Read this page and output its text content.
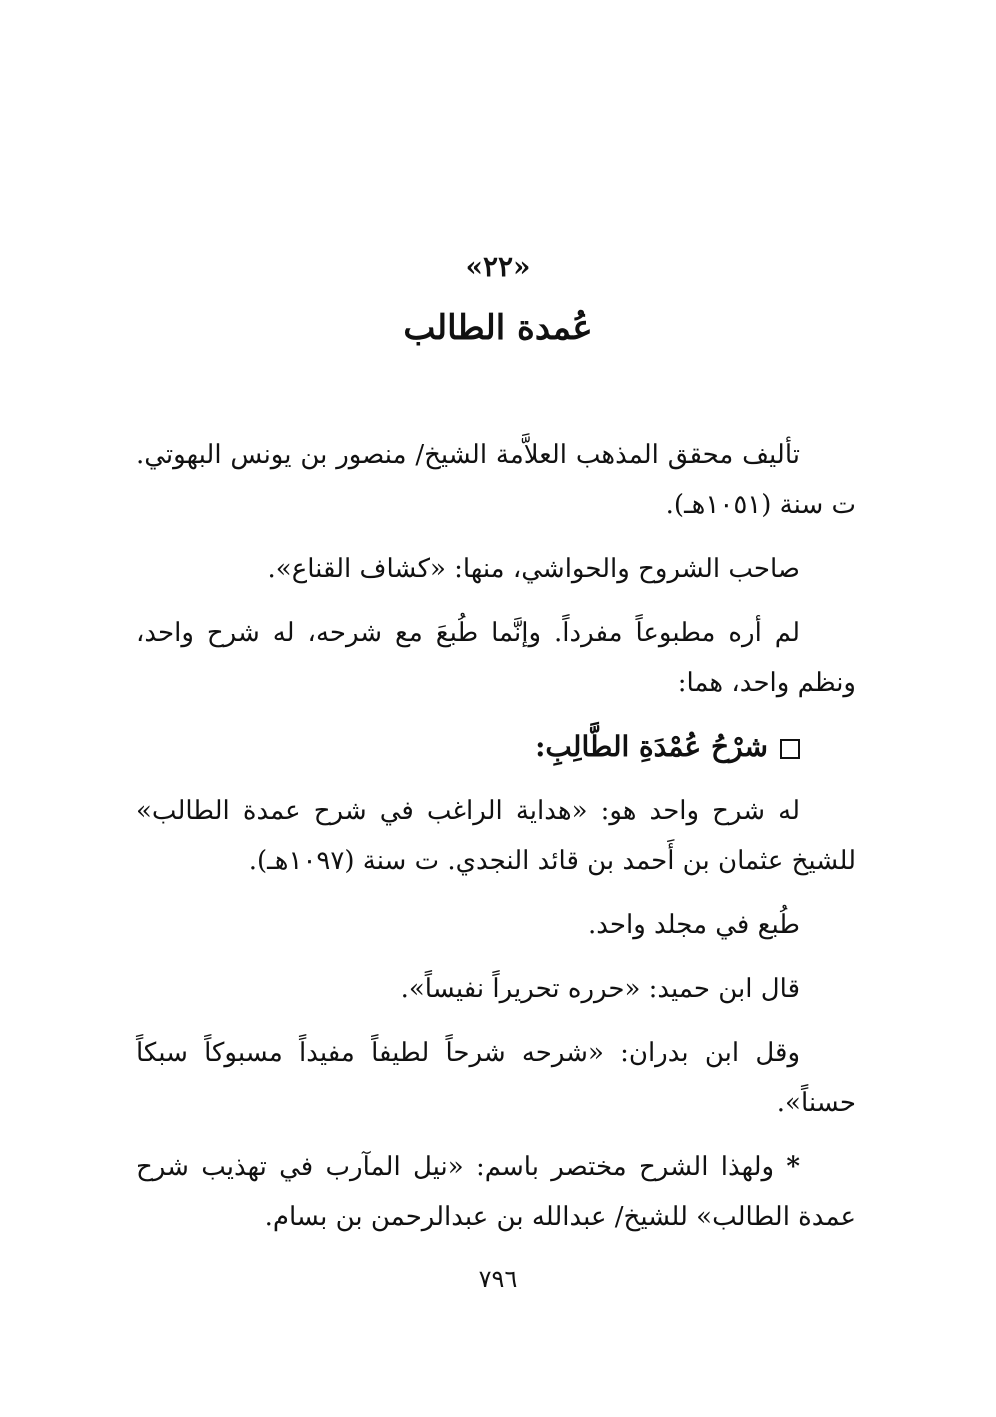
«٢٢»
عُمدة الطالب

تأليف محقق المذهب العلاَّمة الشيخ/ منصور بن يونس البهوتي. ت سنة (١٠٥١هـ).

صاحب الشروح والحواشي، منها: «كشاف القناع».

لم أره مطبوعاً مفرداً. وإنَّما طُبعَ مع شرحه، له شرح واحد، ونظم واحد، هما:

شرْحُ عُمْدَةِ الطَّالِبِ:

له شرح واحد هو: «هداية الراغب في شرح عمدة الطالب» للشيخ عثمان بن أَحمد بن قائد النجدي. ت سنة (١٠٩٧هـ).

طُبع في مجلد واحد.

قال ابن حميد: «حرره تحريراً نفيساً».

وقل ابن بدران: «شرحه شرحاً لطيفاً مفيداً مسبوكاً سبكاً حسناً».

* ولهذا الشرح مختصر باسم: «نيل المآرب في تهذيب شرح عمدة الطالب» للشيخ/ عبدالله بن عبدالرحمن بن بسام.

٧٩٦
